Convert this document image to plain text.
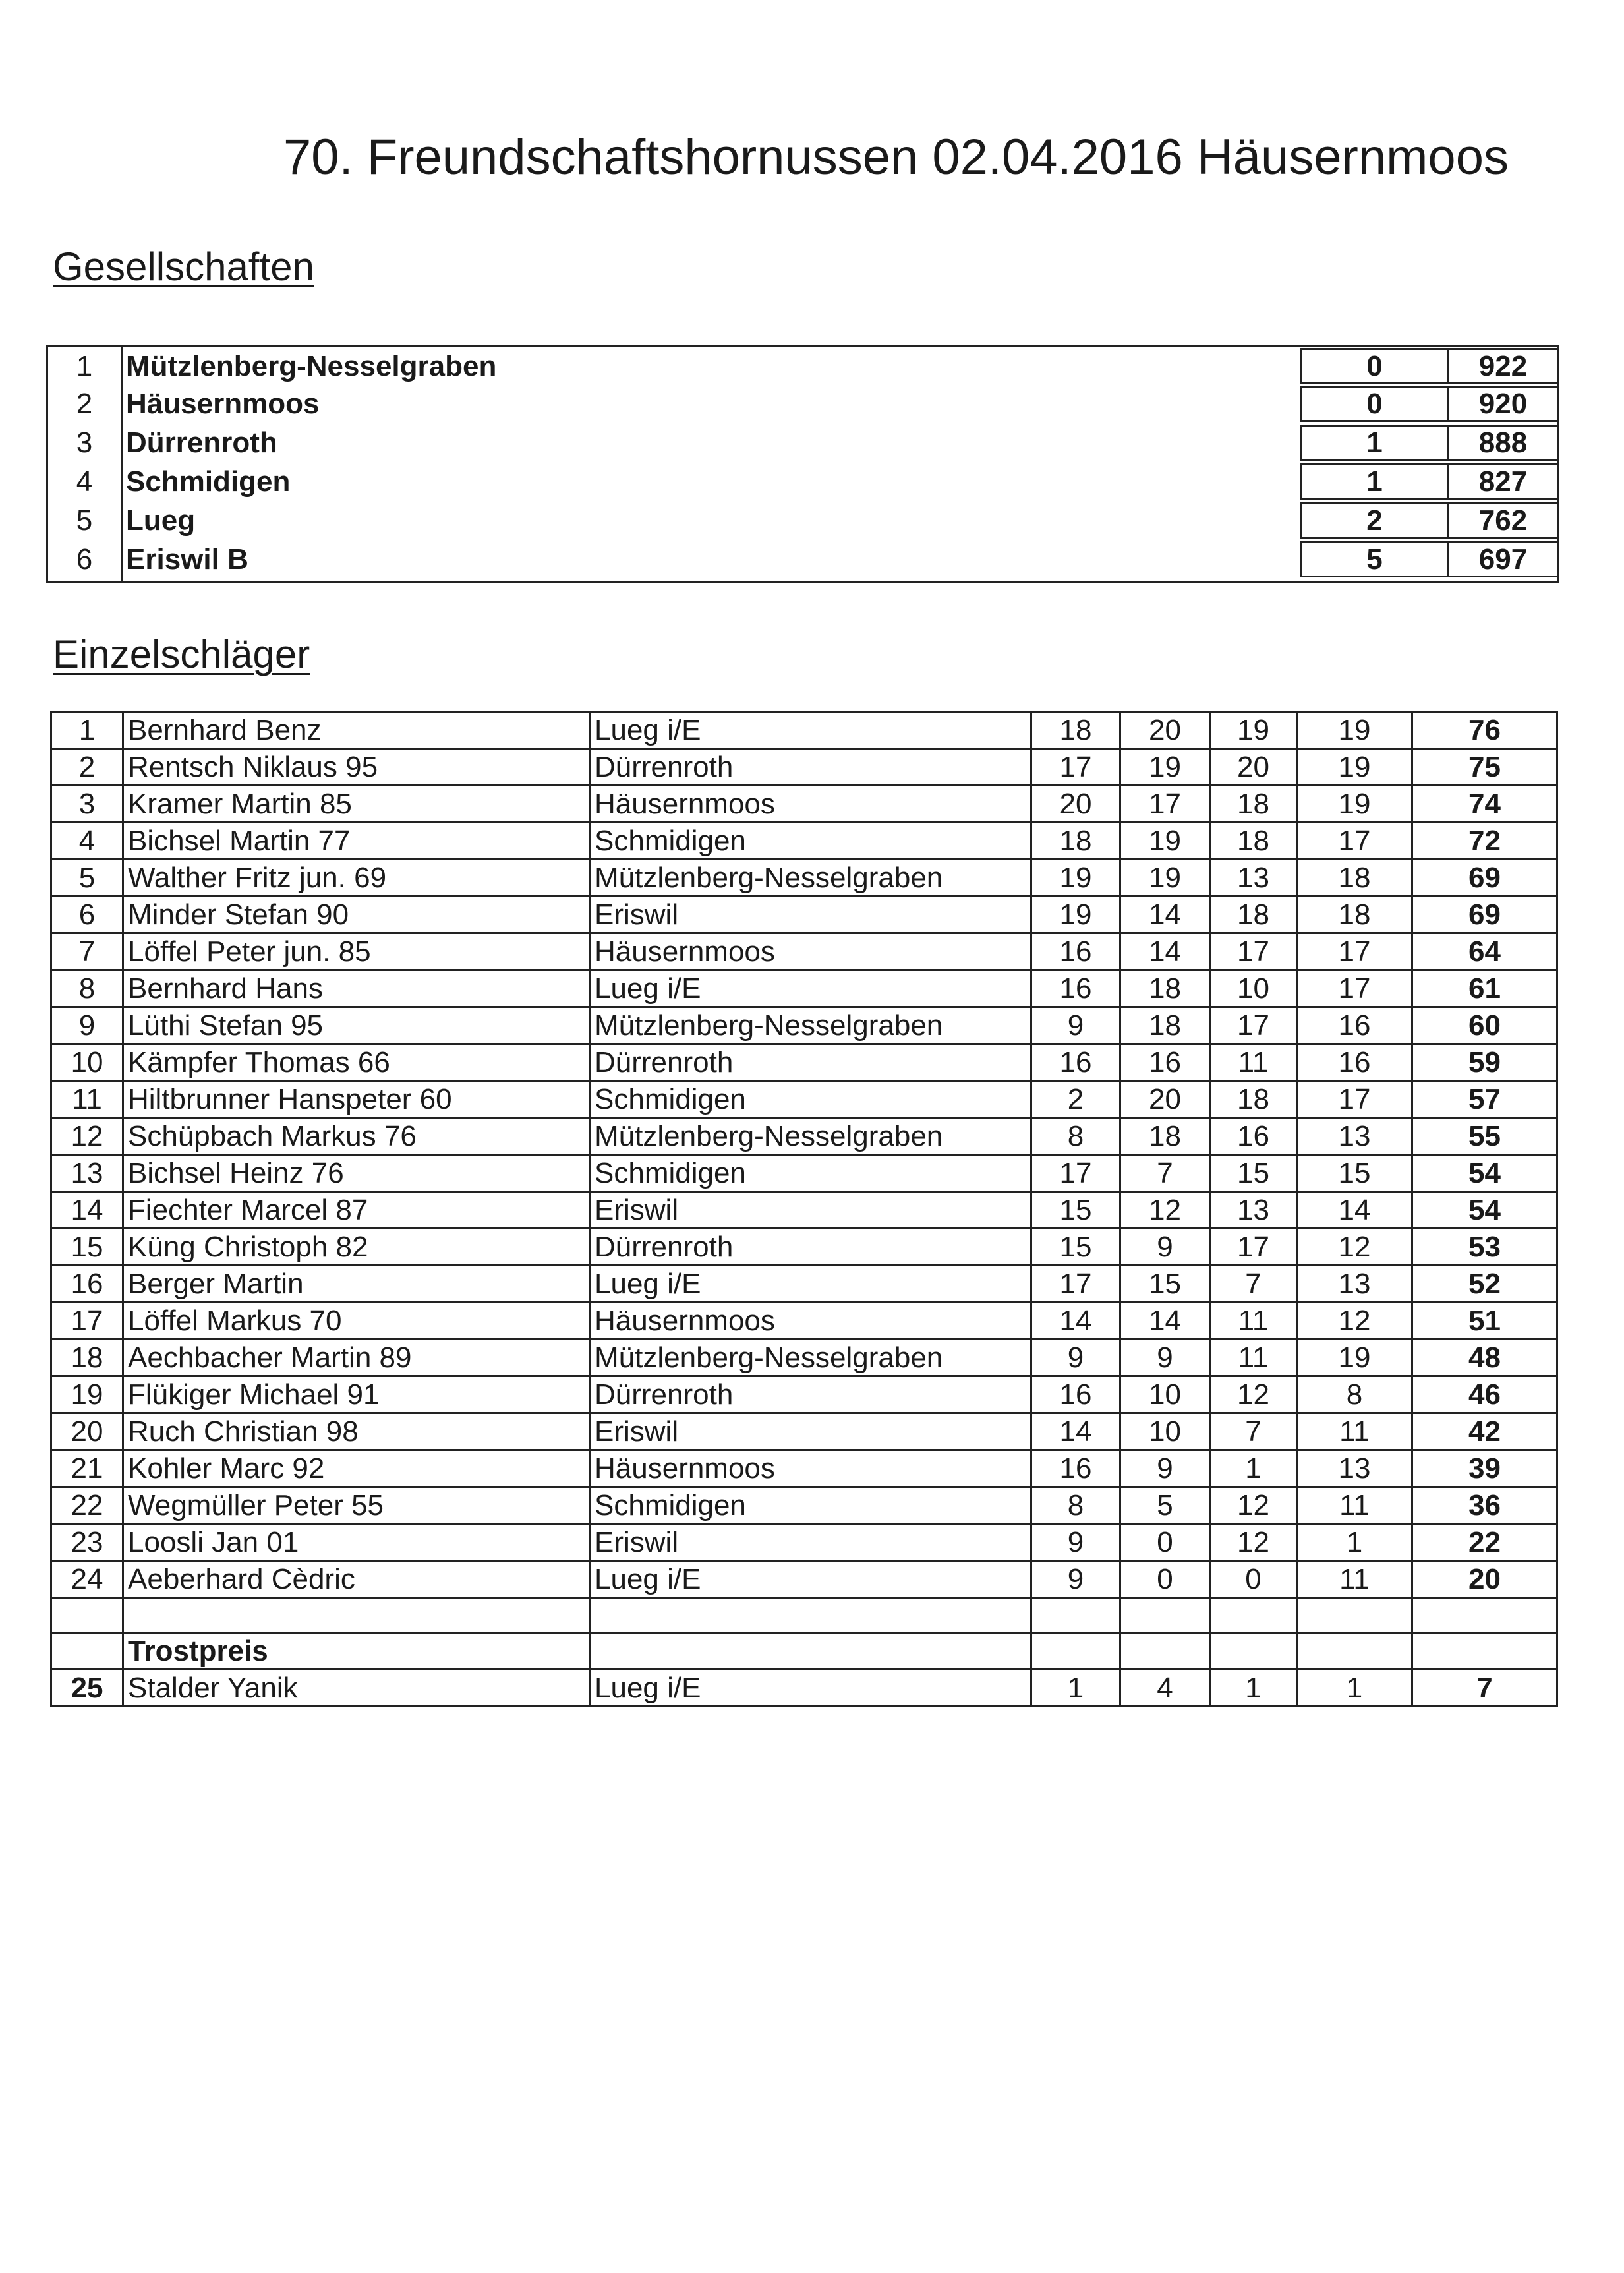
70. Freundschaftshornussen 02.04.2016 Häusernmoos
Gesellschaften
1	Mützlenberg-Nesselgraben	0	922
2	Häusernmoos	0	920
3	Dürrenroth	1	888
4	Schmidigen	1	827
5	Lueg	2	762
6	Eriswil B	5	697
Einzelschläger
1	Bernhard Benz	Lueg i/E	18	20	19	19	76
2	Rentsch Niklaus 95	Dürrenroth	17	19	20	19	75
3	Kramer Martin 85	Häusernmoos	20	17	18	19	74
4	Bichsel Martin 77	Schmidigen	18	19	18	17	72
5	Walther Fritz jun. 69	Mützlenberg-Nesselgraben	19	19	13	18	69
6	Minder Stefan 90	Eriswil	19	14	18	18	69
7	Löffel Peter jun. 85	Häusernmoos	16	14	17	17	64
8	Bernhard Hans	Lueg i/E	16	18	10	17	61
9	Lüthi Stefan 95	Mützlenberg-Nesselgraben	9	18	17	16	60
10	Kämpfer Thomas 66	Dürrenroth	16	16	11	16	59
11	Hiltbrunner Hanspeter 60	Schmidigen	2	20	18	17	57
12	Schüpbach Markus 76	Mützlenberg-Nesselgraben	8	18	16	13	55
13	Bichsel Heinz 76	Schmidigen	17	7	15	15	54
14	Fiechter Marcel 87	Eriswil	15	12	13	14	54
15	Küng Christoph 82	Dürrenroth	15	9	17	12	53
16	Berger Martin	Lueg i/E	17	15	7	13	52
17	Löffel Markus 70	Häusernmoos	14	14	11	12	51
18	Aechbacher Martin 89	Mützlenberg-Nesselgraben	9	9	11	19	48
19	Flükiger Michael 91	Dürrenroth	16	10	12	8	46
20	Ruch Christian 98	Eriswil	14	10	7	11	42
21	Kohler Marc 92	Häusernmoos	16	9	1	13	39
22	Wegmüller Peter 55	Schmidigen	8	5	12	11	36
23	Loosli Jan 01	Eriswil	9	0	12	1	22
24	Aeberhard Cèdric	Lueg i/E	9	0	0	11	20

	Trostpreis						
25	Stalder Yanik	Lueg i/E	1	4	1	1	7
